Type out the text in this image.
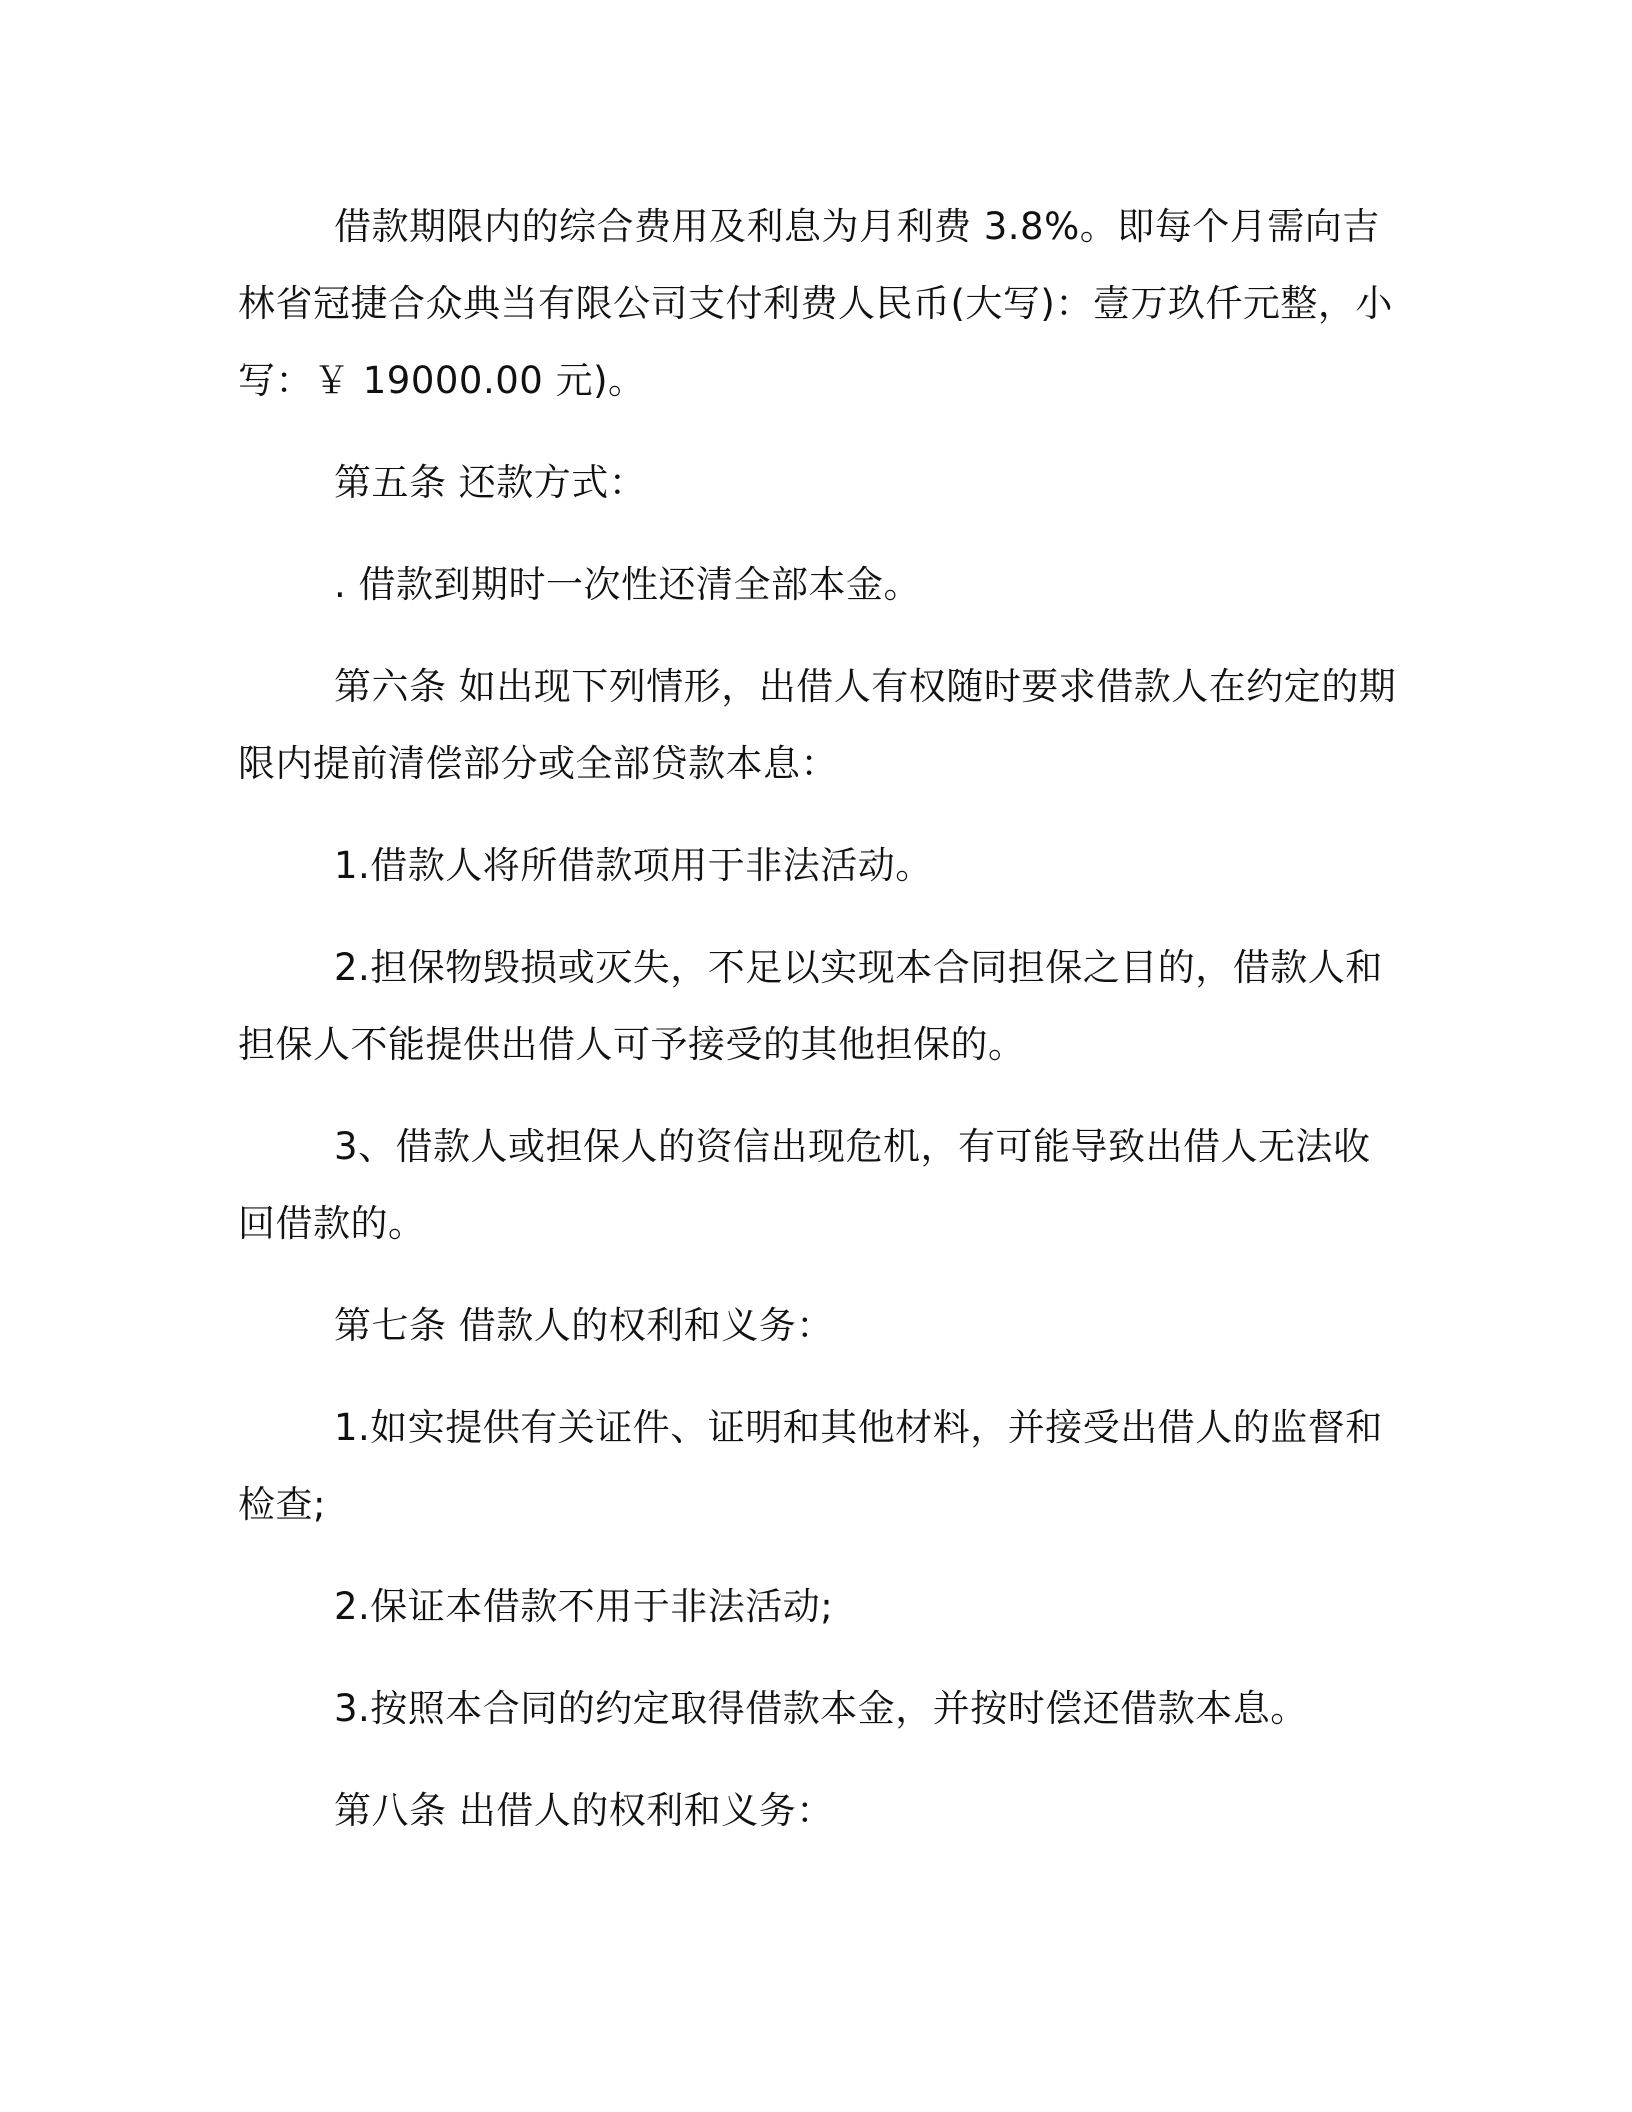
借款期限内的综合费用及利息为月利费 3.8%。即每个月需向吉林省冠捷合众典当有限公司支付利费人民币(大写)：壹万玖仟元整，小写：￥ 19000.00 元)。

第五条 还款方式：

. 借款到期时一次性还清全部本金。

第六条 如出现下列情形，出借人有权随时要求借款人在约定的期限内提前清偿部分或全部贷款本息：

1.借款人将所借款项用于非法活动。

2.担保物毁损或灭失，不足以实现本合同担保之目的，借款人和担保人不能提供出借人可予接受的其他担保的。

3、借款人或担保人的资信出现危机，有可能导致出借人无法收回借款的。

第七条 借款人的权利和义务：

1.如实提供有关证件、证明和其他材料，并接受出借人的监督和检查;

2.保证本借款不用于非法活动;

3.按照本合同的约定取得借款本金，并按时偿还借款本息。

第八条 出借人的权利和义务：
